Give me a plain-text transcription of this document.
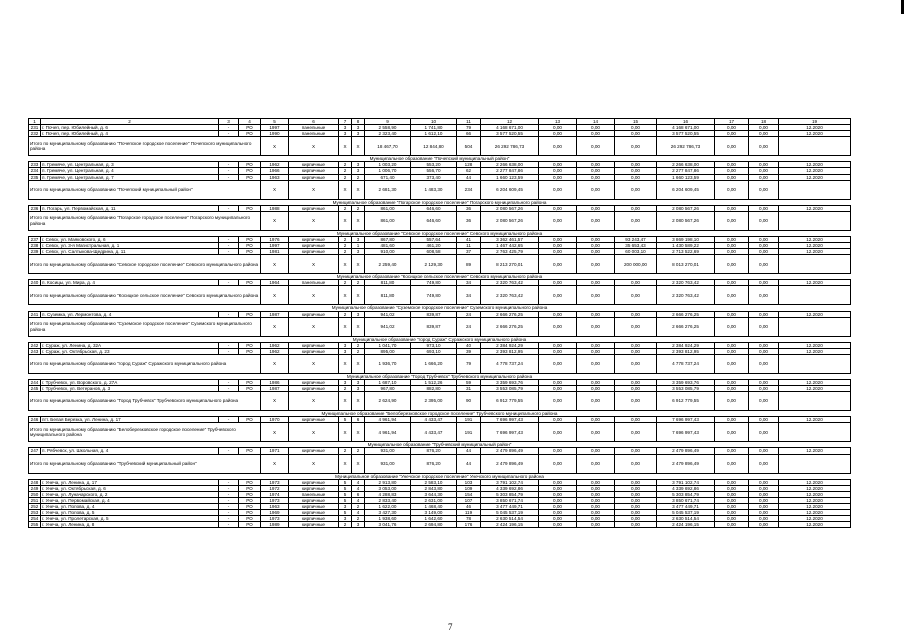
1	2	3	4	5	6	7	8	9	10	11	12	13	14	15	16	17	18	19
231	г. Почеп, пер. Юбилейный, д. 6	-	РО	1997	панельные	3	3	2 558,90	1 741,80	79	4 168 671,00	0,00	0,00	0,00	4 168 671,00	0,00	0,00	12.2020
232	г. Почеп, пер. Юбилейный, д. 4	-	РО	1990	панельные	3	3	2 323,40	1 612,10	66	3 577 520,55	0,00	0,00	0,00	3 577 520,55	0,00	0,00	12.2020
Итого по муниципальному образованию "Почепское городское поселение" Почепского муниципального района				X	X	X	X	18 467,70	12 844,80	504	26 292 786,73	0,00	0,00	0,00	26 292 786,73	0,00	0,00	
Муниципальное образование "Почепский муниципальный район"																		
233	п. Гремяче, ул. Центральная, д. 3	-	РО	1962	кирпичные	2	3	1 003,20	553,20	128	2 266 638,00	0,00	0,00	0,00	2 266 638,00	0,00	0,00	12.2020
234	п. Гремяче, ул. Центральная, д. 4	-	РО	1966	кирпичные	2	3	1 006,70	556,70	62	2 277 847,86	0,00	0,00	0,00	2 277 847,86	0,00	0,00	12.2020
235	п. Гремяче, ул. Центральная, д. 7	-	РО	1963	кирпичные	2	2	671,40	373,40	44	1 660 123,59	0,00	0,00	0,00	1 660 123,59	0,00	0,00	12.2020
Итого по муниципальному образованию "Почепский муниципальный район"				X	X	X	X	2 681,30	1 483,30	234	6 204 609,45	0,00	0,00	0,00	6 204 609,45	0,00	0,00	
Муниципальное образование "Погарское городское поселение" Погарского муниципального района																		
236	п. Погарь, ул. Первомайская, д. 11	-	РО	1988	кирпичные	2	2	861,00	646,60	36	2 080 567,26	0,00	0,00	0,00	2 080 567,26	0,00	0,00	12.2020
Итого по муниципальному образованию "Погарское городское поселение" Погарского муниципального района				X	X	X	X	861,00	646,60	36	2 080 567,26	0,00	0,00	0,00	2 080 567,26	0,00	0,00	
Муниципальное образование "Севское городское поселение" Севского муниципального района																		
237	г. Севск, ул. Маяковского, д. 6	-	РО	1976	кирпичные	2	3	867,80	557,64	41	3 362 461,57	0,00	0,00	93 243,47	3 869 198,10	0,00	0,00	12.2020
238	г. Севск, ул. 3-я Магистральная, д. 1	-	РО	1997	кирпичные	2	1	481,60	461,20	11	1 467 442,65	0,00	0,00	35 653,43	1 430 589,22	0,00	0,00	12.2020
239	г. Севск, ул. Салтыкова-Щедрина, д. 11	-	РО	1981	кирпичные	2	3	910,00	608,58	37	2 763 425,79	0,00	0,00	60 003,10	2 713 522,69	0,00	0,00	12.2020
Итого по муниципальному образованию "Севское городское поселение" Севского муниципального района				X	X	X	X	2 259,40	2 129,30	89	8 213 270,01	0,00	0,00	200 000,00	8 013 270,01	0,00	0,00	
Муниципальное образование "Косицкое сельское поселение" Севского муниципального района																		
240	п. Косицы, ул. Мира, д. 4	-	РО	1964	панельные	2	2	811,80	749,80	34	2 320 763,42	0,00	0,00	0,00	2 320 763,42	0,00	0,00	12.2020
Итого по муниципальному образованию "Косицкое сельское поселение" Севского муниципального района				X	X	X	X	811,80	749,80	34	2 320 763,42	0,00	0,00	0,00	2 320 763,42	0,00	0,00	
Муниципальное образование "Суземское городское поселение" Суземского муниципального района																		
241	п. Суземка, ул. Лермонтова, д. 4	-	РО	1987	кирпичные	2	3	941,02	839,87	24	2 666 276,25	0,00	0,00	0,00	2 666 276,25	0,00	0,00	12.2020
Итого по муниципальному образованию "Суземское городское поселение" Суземского муниципального района				X	X	X	X	941,02	839,87	24	2 666 276,25	0,00	0,00	0,00	2 666 276,25	0,00	0,00	
Муниципальное образование "город Сураж" Суражского муниципального района																		
242	г. Сураж, ул. Ленина, д. 32А	-	РО	1962	кирпичные	3	2	1 041,70	973,10	40	2 384 924,29	0,00	0,00	0,00	2 384 924,29	0,00	0,00	12.2020
243	г. Сураж, ул. Октябрьская, д. 23	-	РО	1962	кирпичные	3	2	895,00	693,10	39	2 393 812,95	0,00	0,00	0,00	2 393 812,95	0,00	0,00	12.2020
Итого по муниципальному образованию "город Сураж" Суражского муниципального района				X	X	X	X	1 936,70	1 666,20	79	4 778 737,24	0,00	0,00	0,00	4 778 737,24	0,00	0,00	
Муниципальное образование "Город Трубчевск" Трубчевского муниципального района																		
244	г. Трубчевск, ул. Воровского, д. 27А	-	РО	1986	кирпичные	3	3	1 687,10	1 512,26	59	3 359 693,76	0,00	0,00	0,00	3 359 693,76	0,00	0,00	12.2020
245	г. Трубчевск, ул. Ветеранов, д. 3	-	РО	1987	кирпичные	2	3	967,80	882,80	31	3 553 085,79	0,00	0,00	0,00	3 553 085,79	0,00	0,00	12.2020
Итого по муниципальному образованию "Город Трубчевск" Трубчевского муниципального района				X	X	X	X	2 624,90	2 395,00	90	6 912 779,55	0,00	0,00	0,00	6 912 779,55	0,00	0,00	
Муниципальное образование "Белоберезковское городское поселение" Трубчевского муниципального района																		
246	пгт. Белая Березка, ул. Ленина, д. 17	-	РО	1970	кирпичные	5	6	4 961,94	4 433,47	191	7 696 997,43	0,00	0,00	0,00	7 696 997,43	0,00	0,00	12.2020
Итого по муниципальному образованию "Белоберезковское городское поселение" Трубчевского муниципального района				X	X	X	X	4 961,94	4 433,47	191	7 696 997,43	0,00	0,00	0,00	7 696 997,43	0,00	0,00	
Муниципальное образование "Трубчевский муниципальный район"																		
247	п. Рябчевск, ул. Школьная, д. 4	-	РО	1971	кирпичные	2	2	931,00	876,20	44	2 479 896,49	0,00	0,00	0,00	2 479 896,49	0,00	0,00	12.2020
Итого по муниципальному образованию "Трубчевский муниципальный район"				X	X	X	X	931,00	876,20	44	2 479 896,49	0,00	0,00	0,00	2 479 896,49	0,00	0,00	
Муниципальное образование "Унечское городское поселение" Унечского муниципального района																		
248	г. Унеча, ул. Ленина, д. 17	-	РО	1973	кирпичные	5	4	2 913,80	2 583,10	103	3 791 102,74	0,00	0,00	0,00	3 791 102,74	0,00	0,00	12.2020
249	г. Унеча, ул. Октябрьская, д. 6	-	РО	1972	кирпичные	5	4	3 053,00	2 843,80	109	4 339 692,86	0,00	0,00	0,00	4 339 692,86	0,00	0,00	12.2020
250	г. Унеча, ул. Луначарского, д. 2	-	РО	1974	панельные	5	6	4 288,83	3 644,30	154	5 303 854,79	0,00	0,00	0,00	5 303 854,79	0,00	0,00	12.2020
251	г. Унеча, ул. Первомайская, д. 4	-	РО	1973	кирпичные	5	4	2 833,40	2 631,00	107	3 850 671,74	0,00	0,00	0,00	3 850 671,74	0,00	0,00	12.2020
252	г. Унеча, ул. Попова, д. 4	-	РО	1963	кирпичные	3	2	1 622,00	1 468,40	46	3 477 449,71	0,00	0,00	0,00	3 477 449,71	0,00	0,00	12.2020
253	г. Унеча, ул. Попова, д. 5	-	РО	1969	кирпичные	5	4	3 427,30	3 149,00	119	5 045 537,19	0,00	0,00	0,00	5 045 537,19	0,00	0,00	12.2020
254	г. Унеча, ул. Пролетарская, д. 5	-	РО	1973	кирпичные	3	2	1 938,60	1 642,60	78	2 630 514,54	0,00	0,00	0,00	2 630 514,54	0,00	0,00	12.2020
255	г. Унеча, ул. Ленина, д. 8	-	РО	1989	кирпичные	2	3	3 041,76	2 694,80	176	2 424 196,15	0,00	0,00	0,00	2 424 196,15	0,00	0,00	12.2020
7
